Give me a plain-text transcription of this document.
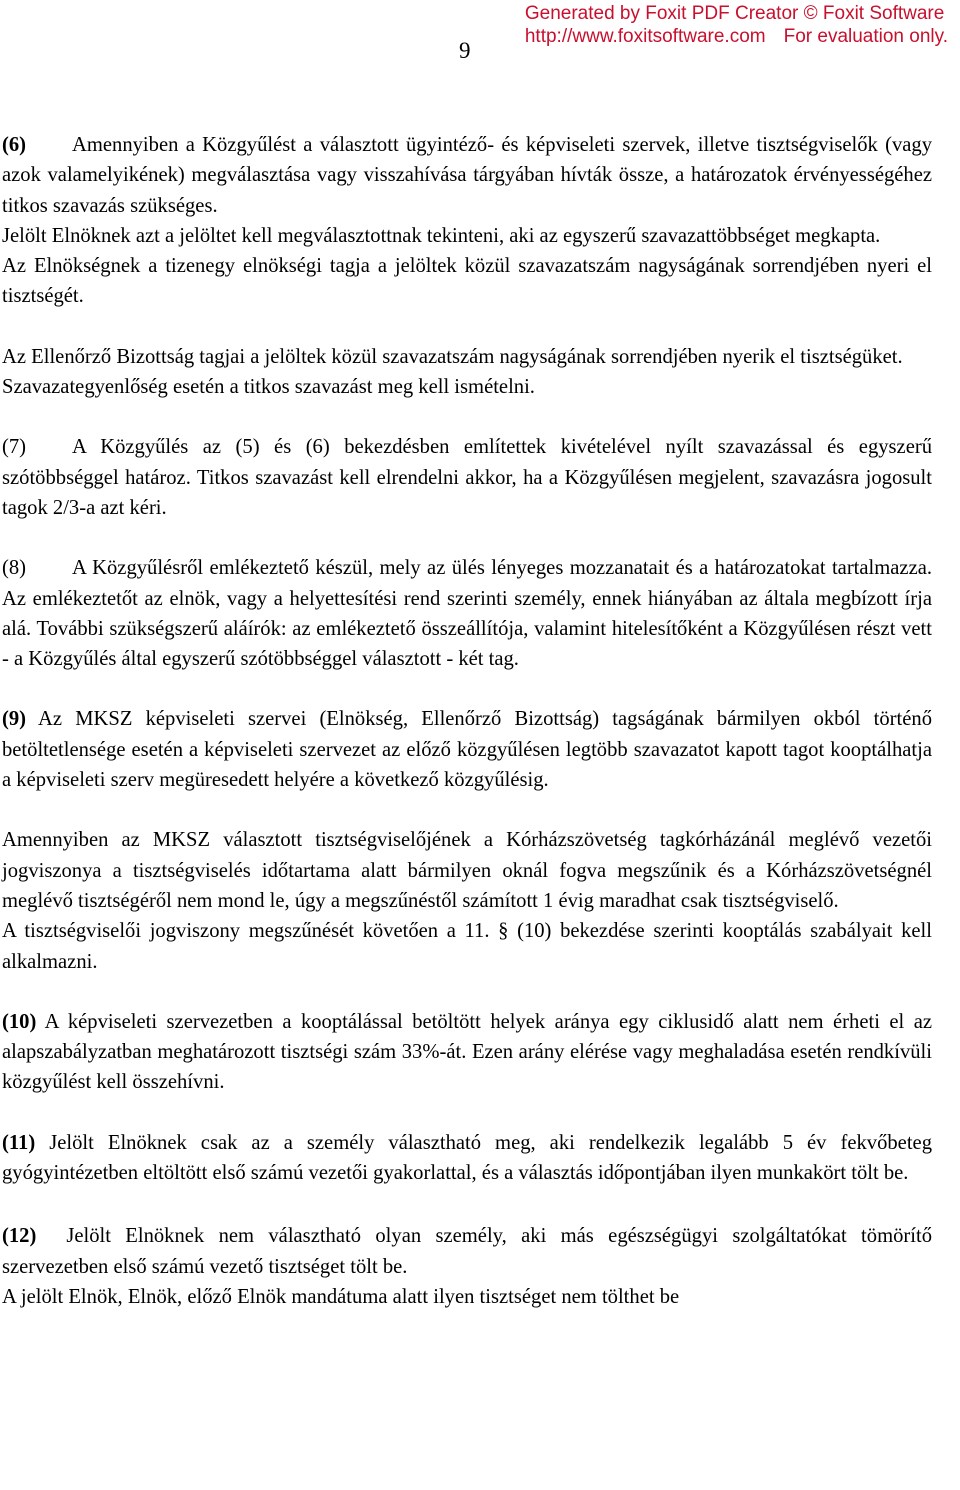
Generated by Foxit PDF Creator © Foxit Software
http://www.foxitsoftware.com For evaluation only.
9

(6) Amennyiben a Közgyűlést a választott ügyintéző- és képviseleti szervek, illetve tisztségviselők (vagy azok valamelyikének) megválasztása vagy visszahívása tárgyában hívták össze, a határozatok érvényességéhez titkos szavazás szükséges.

Jelölt Elnöknek azt a jelöltet kell megválasztottnak tekinteni, aki az egyszerű szavazattöbbséget megkapta.

Az Elnökségnek a tizenegy elnökségi tagja a jelöltek közül szavazatszám nagyságának sorrendjében nyeri el tisztségét.

Az Ellenőrző Bizottság tagjai a jelöltek közül szavazatszám nagyságának sorrendjében nyerik el tisztségüket.

Szavazategyenlőség esetén a titkos szavazást meg kell ismételni.

(7) A Közgyűlés az (5) és (6) bekezdésben említettek kivételével nyílt szavazással és egyszerű szótöbbséggel határoz. Titkos szavazást kell elrendelni akkor, ha a Közgyűlésen megjelent, szavazásra jogosult tagok 2/3-a azt kéri.

(8) A Közgyűlésről emlékeztető készül, mely az ülés lényeges mozzanatait és a határozatokat tartalmazza. Az emlékeztetőt az elnök, vagy a helyettesítési rend szerinti személy, ennek hiányában az általa megbízott írja alá. További szükségszerű aláírók: az emlékeztető összeállítója, valamint hitelesítőként a Közgyűlésen részt vett - a Közgyűlés által egyszerű szótöbbséggel választott - két tag.

(9) Az MKSZ képviseleti szervei (Elnökség, Ellenőrző Bizottság) tagságának bármilyen okból történő betöltetlensége esetén a képviseleti szervezet az előző közgyűlésen legtöbb szavazatot kapott tagot kooptálhatja a képviseleti szerv megüresedett helyére a következő közgyűlésig.

Amennyiben az MKSZ választott tisztségviselőjének a Kórházszövetség tagkórházánál meglévő vezetői jogviszonya a tisztségviselés időtartama alatt bármilyen oknál fogva megszűnik és a Kórházszövetségnél meglévő tisztségéről nem mond le, úgy a megszűnéstől számított 1 évig maradhat csak tisztségviselő.

A tisztségviselői jogviszony megszűnését követően a 11. § (10) bekezdése szerinti kooptálás szabályait kell alkalmazni.

(10) A képviseleti szervezetben a kooptálással betöltött helyek aránya egy ciklusidő alatt nem érheti el az alapszabályzatban meghatározott tisztségi szám 33%-át. Ezen arány elérése vagy meghaladása esetén rendkívüli közgyűlést kell összehívni.

(11) Jelölt Elnöknek csak az a személy választható meg, aki rendelkezik legalább 5 év fekvőbeteg gyógyintézetben eltöltött első számú vezetői gyakorlattal, és a választás időpontjában ilyen munkakört tölt be.

(12) Jelölt Elnöknek nem választható olyan személy, aki más egészségügyi szolgáltatókat tömörítő szervezetben első számú vezető tisztséget tölt be.

A jelölt Elnök, Elnök, előző Elnök mandátuma alatt ilyen tisztséget nem tölthet be
